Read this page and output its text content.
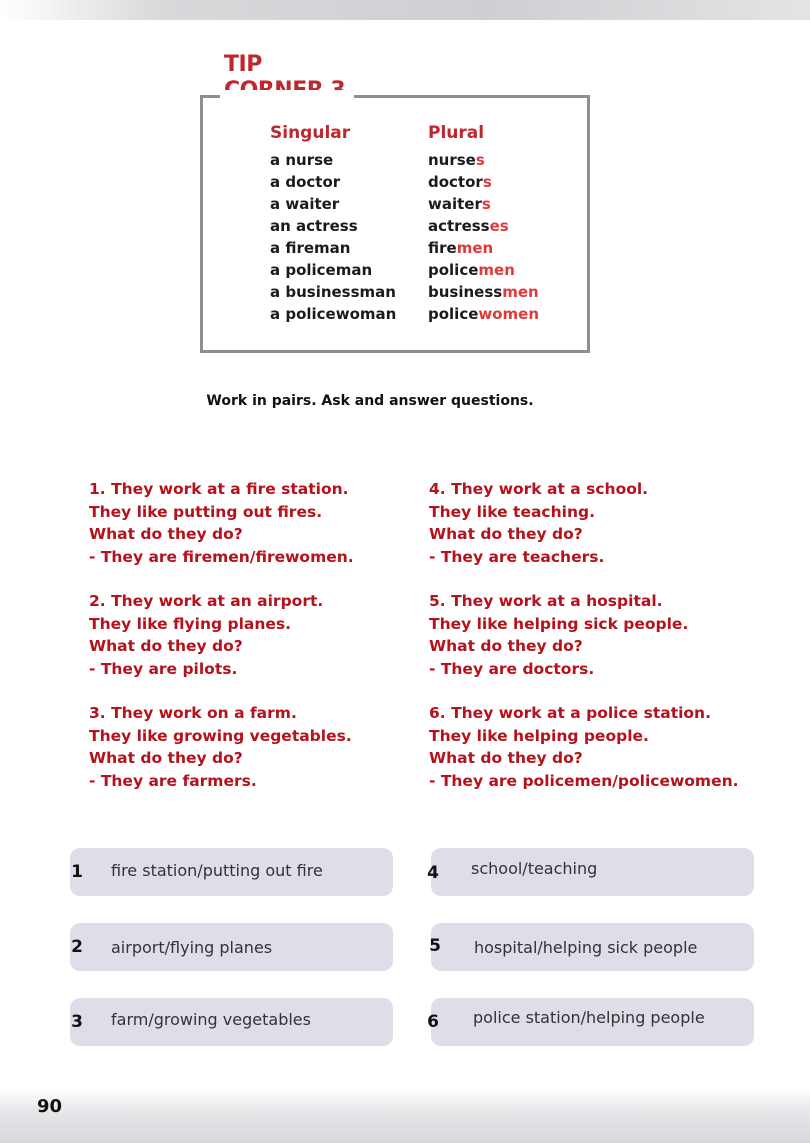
TIP
Singular
a nurse
a doctor
a waiter
an actress
a fireman
a policeman
a businessman
a policewoman
Plural
nurses
doctors
waiters
actresses
firemen
policemen
businessmen
policewomen
Work in pairs. Ask and answer questions.
1. They work at a fire station.
They like putting out fires.
What do they do?
- They are firemen/firewomen.
2. They work at an airport.
They like flying planes.
What do they do?
- They are pilots.
3. They work on a farm.
They like growing vegetables.
What do they do?
- They are farmers.
4. They work at a school.
They like teaching.
What do they do?
- They are teachers.
5. They work at a hospital.
They like helping sick people.
What do they do?
- They are doctors.
6. They work at a police station.
They like helping people.
What do they do?
- They are policemen/policewomen.
1 fire station/putting out fire
2 airport/flying planes
3 farm/growing vegetables
4 school/teaching
5 hospital/helping sick people
6 police station/helping people
90
